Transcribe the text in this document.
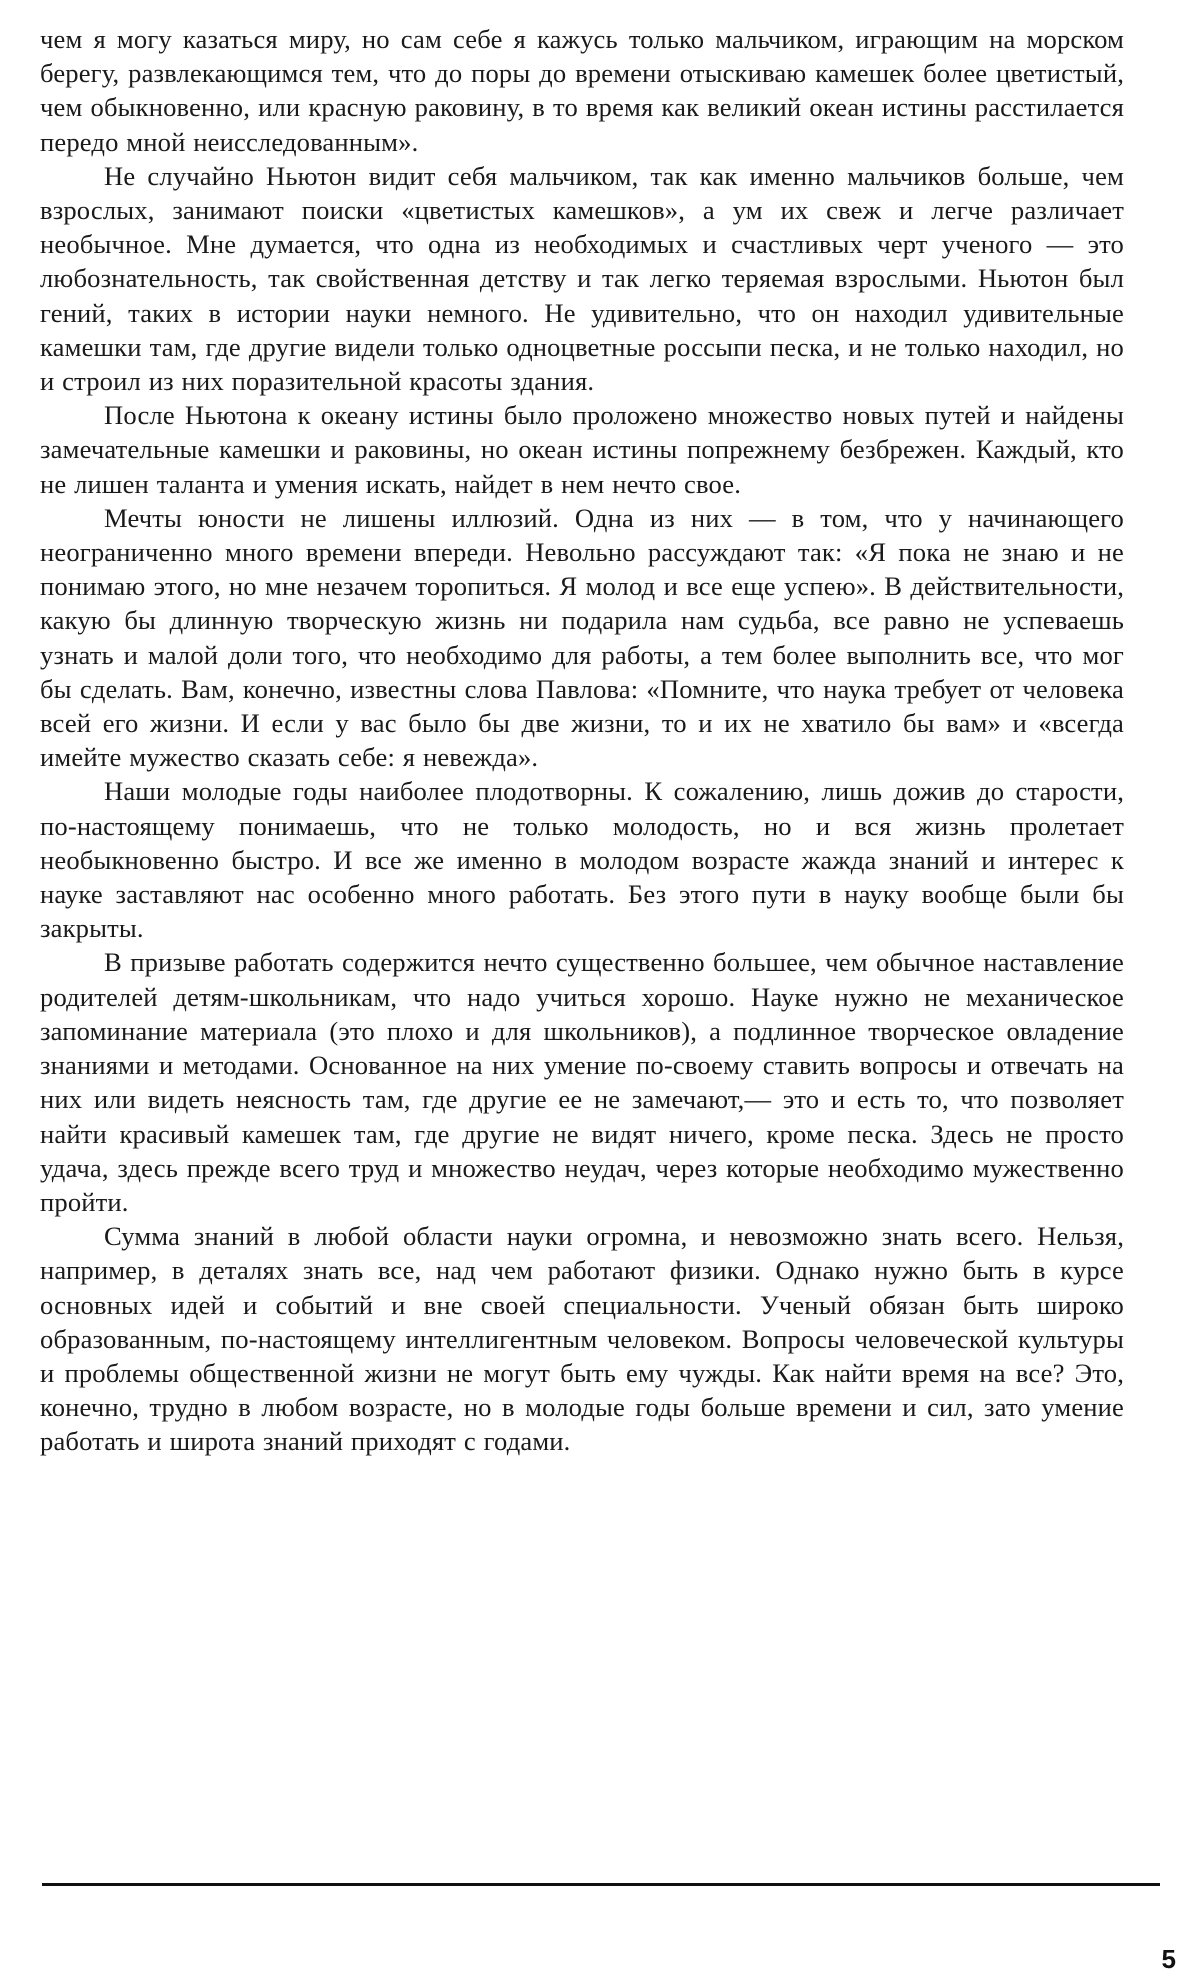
чем я могу казаться миру, но сам себе я кажусь только мальчиком, играющим на морском берегу, развлекающимся тем, что до поры до времени отыскиваю камешек более цветистый, чем обыкновенно, или красную раковину, в то время как великий океан истины расстилается передо мной неисследованным».

Не случайно Ньютон видит себя мальчиком, так как именно мальчиков больше, чем взрослых, занимают поиски «цветистых камешков», а ум их свеж и легче различает необычное. Мне думается, что одна из необходимых и счастливых черт ученого — это любознательность, так свойственная детству и так легко теряемая взрослыми. Ньютон был гений, таких в истории науки немного. Не удивительно, что он находил удивительные камешки там, где другие видели только одноцветные россыпи песка, и не только находил, но и строил из них поразительной красоты здания.

После Ньютона к океану истины было проложено множество новых путей и найдены замечательные камешки и раковины, но океан истины попрежнему безбрежен. Каждый, кто не лишен таланта и умения искать, найдет в нем нечто свое.

Мечты юности не лишены иллюзий. Одна из них — в том, что у начинающего неограниченно много времени впереди. Невольно рассуждают так: «Я пока не знаю и не понимаю этого, но мне незачем торопиться. Я молод и все еще успею». В действительности, какую бы длинную творческую жизнь ни подарила нам судьба, все равно не успеваешь узнать и малой доли того, что необходимо для работы, а тем более выполнить все, что мог бы сделать. Вам, конечно, известны слова Павлова: «Помните, что наука требует от человека всей его жизни. И если у вас было бы две жизни, то и их не хватило бы вам» и «всегда имейте мужество сказать себе: я невежда».

Наши молодые годы наиболее плодотворны. К сожалению, лишь дожив до старости, по-настоящему понимаешь, что не только молодость, но и вся жизнь пролетает необыкновенно быстро. И все же именно в молодом возрасте жажда знаний и интерес к науке заставляют нас особенно много работать. Без этого пути в науку вообще были бы закрыты.

В призыве работать содержится нечто существенно большее, чем обычное наставление родителей детям-школьникам, что надо учиться хорошо. Науке нужно не механическое запоминание материала (это плохо и для школьников), а подлинное творческое овладение знаниями и методами. Основанное на них умение по-своему ставить вопросы и отвечать на них или видеть неясность там, где другие ее не замечают,— это и есть то, что позволяет найти красивый камешек там, где другие не видят ничего, кроме песка. Здесь не просто удача, здесь прежде всего труд и множество неудач, через которые необходимо мужественно пройти.

Сумма знаний в любой области науки огромна, и невозможно знать всего. Нельзя, например, в деталях знать все, над чем работают физики. Однако нужно быть в курсе основных идей и событий и вне своей специальности. Ученый обязан быть широко образованным, по-настоящему интеллигентным человеком. Вопросы человеческой культуры и проблемы общественной жизни не могут быть ему чужды. Как найти время на все? Это, конечно, трудно в любом возрасте, но в молодые годы больше времени и сил, зато умение работать и широта знаний приходят с годами.

5
